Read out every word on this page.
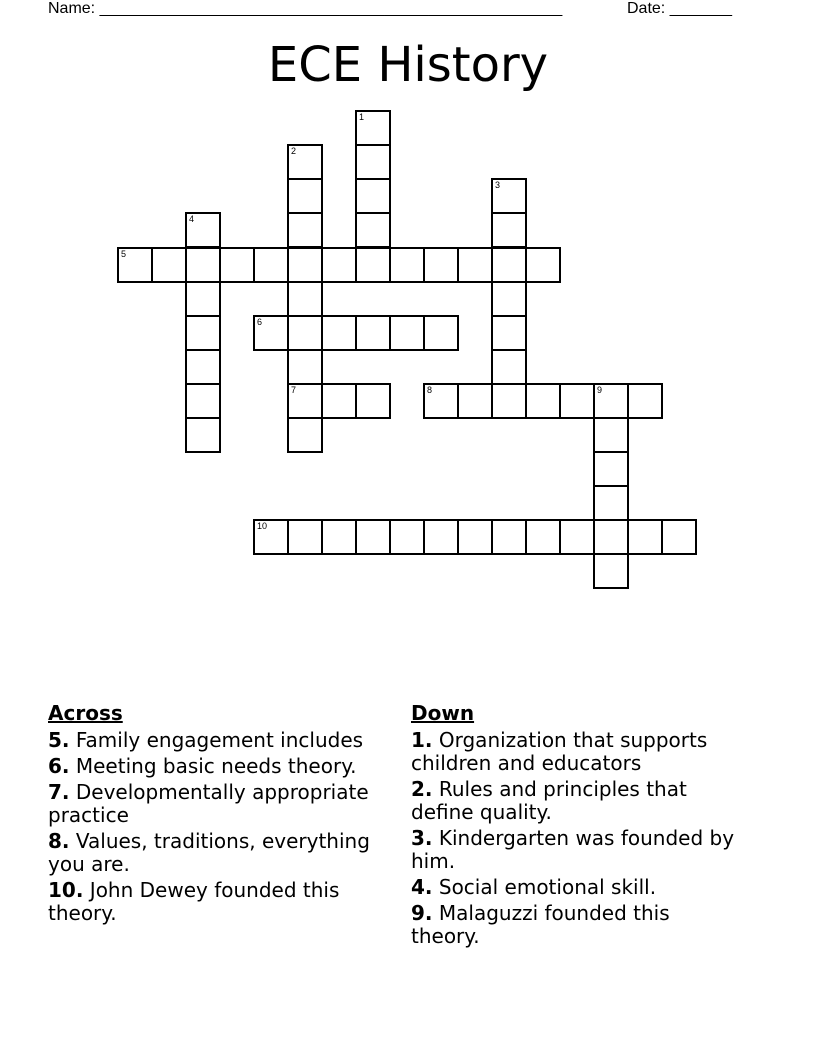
Name: ____________________________________________________	Date: _______
ECE History
5
1
2
7
3
4
6
8	9
10
Across
5. Family engagement includes
6. Meeting basic needs theory.
7. Developmentally appropriate practice
8. Values, traditions, everything you are.
10. John Dewey founded this theory.
Down
1. Organization that supports children and educators
2. Rules and principles that define quality.
3. Kindergarten was founded by him.
4. Social emotional skill.
9. Malaguzzi founded this theory.
